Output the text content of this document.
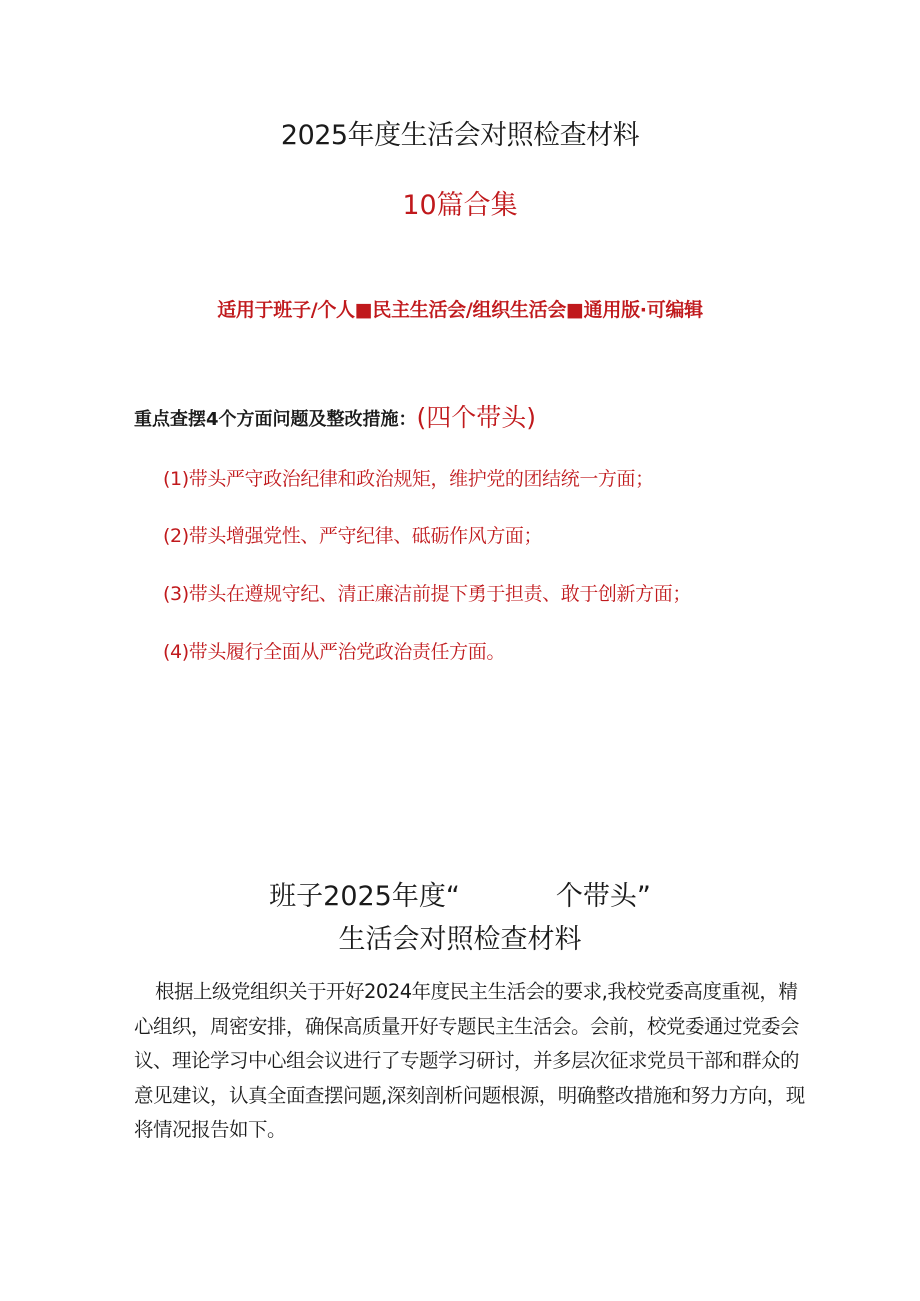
2025年度生活会对照检查材料
10篇合集
适用于班子/个人■民主生活会/组织生活会■通用版·可编辑
重点查摆4个方面问题及整改措施：(四个带头)
(1)带头严守政治纪律和政治规矩，维护党的团结统一方面；
(2)带头增强党性、严守纪律、砥砺作风方面；
(3)带头在遵规守纪、清正廉洁前提下勇于担责、敢于创新方面；
(4)带头履行全面从严治党政治责任方面。
班子2025年度“	个带头”
生活会对照检查材料

根据上级党组织关于开好2024年度民主生活会的要求,我校党委高度重视，精心组织，周密安排，确保高质量开好专题民主生活会。会前，校党委通过党委会议、理论学习中心组会议进行了专题学习研讨，并多层次征求党员干部和群众的意见建议，认真全面查摆问题,深刻剖析问题根源，明确整改措施和努力方向，现将情况报告如下。
